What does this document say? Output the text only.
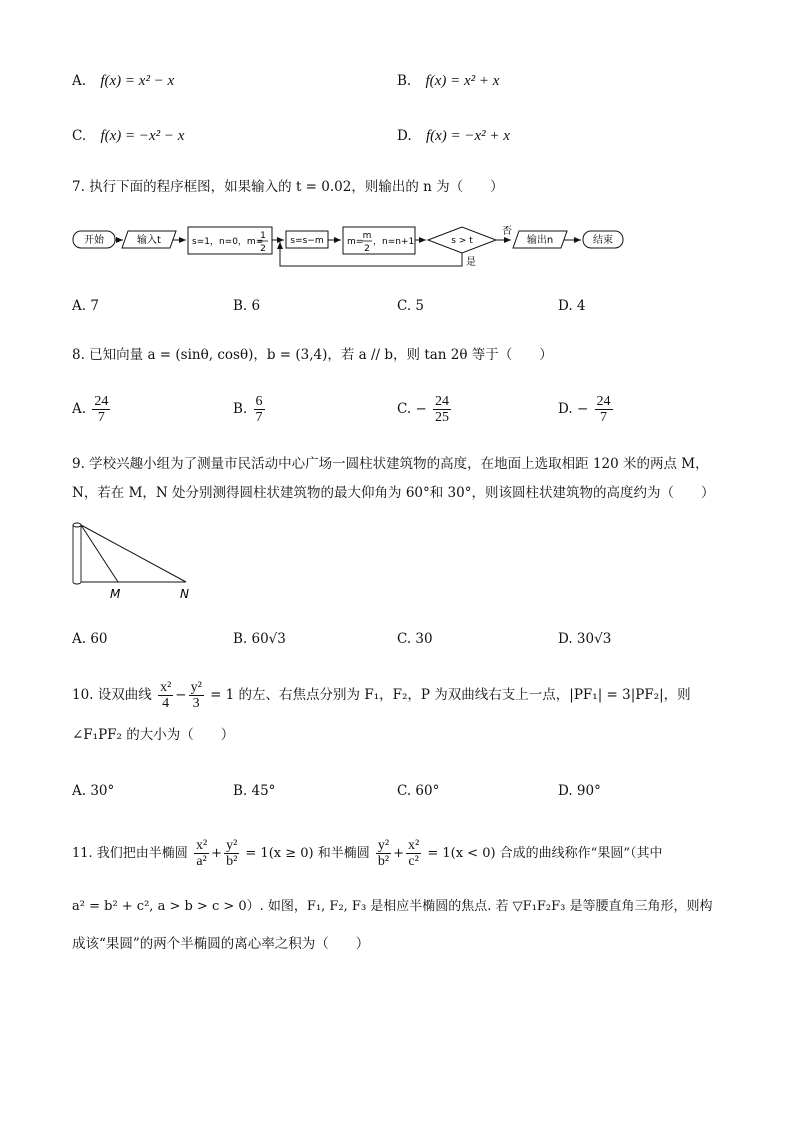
A. f(x) = x² − x	B. f(x) = x² + x
C. f(x) = −x² − x	D. f(x) = −x² + x
7. 执行下面的程序框图，如果输入的 t = 0.02，则输出的 n 为（　　）
开始	输入t	s=1，n=0，m=
1
2
s=s−m	m=
m
2
，n=n+1	s > t
否
输出n	结束
是
A. 7	B. 6	C. 5	D. 4
8. 已知向量 a = (sinθ, cosθ)，b = (3,4)，若 a // b，则 tan 2θ 等于（　　）
A. $\frac{24}{7}$	B. $\frac{6}{7}$	C. − $\frac{24}{25}$	D. − $\frac{24}{7}$
9. 学校兴趣小组为了测量市民活动中心广场一圆柱状建筑物的高度，在地面上选取相距 120 米的两点 M，
N，若在 M，N 处分别测得圆柱状建筑物的最大仰角为 60°和 30°，则该圆柱状建筑物的高度约为（　　）
M	N
A. 60	B. 60√3	C. 30	D. 30√3
10. 设双曲线 $\frac{\text{x²}}{4} - \frac{\text{y²}}{3} = 1$ 的左、右焦点分别为 F₁，F₂，P 为双曲线右支上一点，|PF₁| = 3|PF₂|，则
∠F₁PF₂ 的大小为（　　）
A. 30°	B. 45°	C. 60°	D. 90°
11. 我们把由半椭圆 $\frac{\text{x²}}{\text{a²}} + \frac{\text{y²}}{\text{b²}} = 1(x \ge 0)$ 和半椭圆 $\frac{\text{y²}}{\text{b²}} + \frac{\text{x²}}{\text{c²}} = 1(x < 0)$ 合成的曲线称作“果圆”（其中
a² = b² + c², a > b > c > 0）. 如图，F₁, F₂, F₃ 是相应半椭圆的焦点. 若 ▽F₁F₂F₃ 是等腰直角三角形，则构
成该“果圆”的两个半椭圆的离心率之积为（　　）
